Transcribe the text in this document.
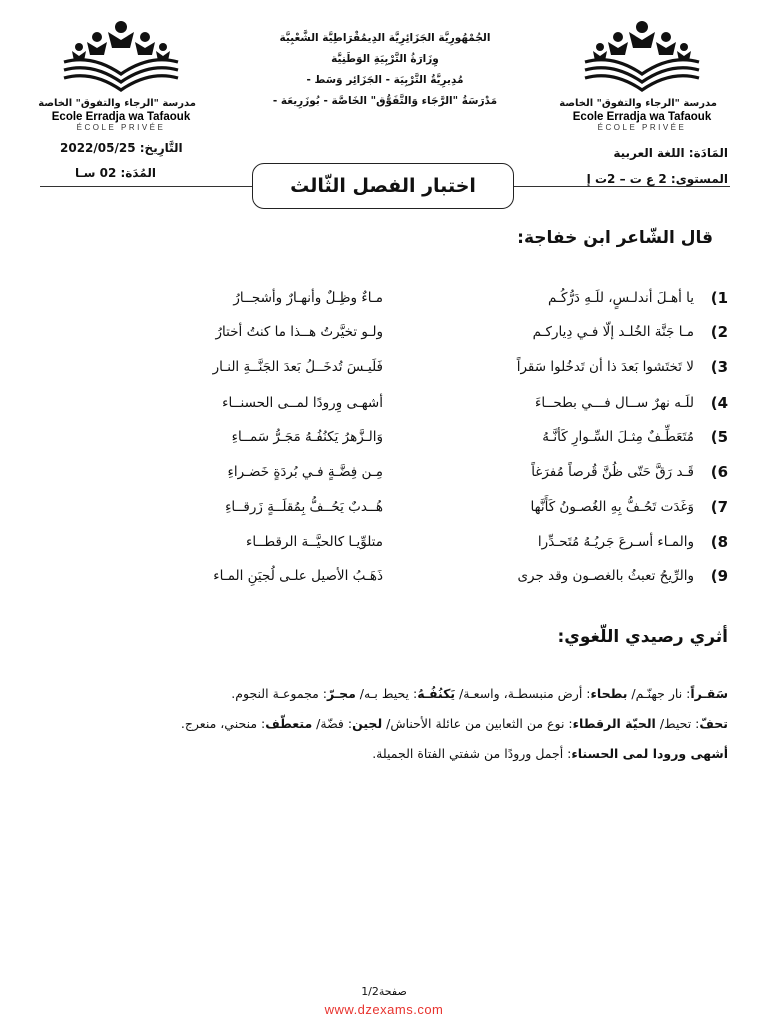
مدرسة "الرجاء والتفوق" الخاصة
Ecole Erradja wa Tafaouk
ÉCOLE PRIVÉE
مدرسة "الرجاء والتفوق" الخاصة
Ecole Erradja wa Tafaouk
ÉCOLE PRIVÉE
الجُمْهُورِيَّة الجَزَائِرِيَّة الدِيمُقْرَاطِيَّة الشَّعْبِيَّة
وِزَارَةُ التَّرْبِيَةِ الوَطَنِيَّة
مُدِيرِيَّةُ التَّرْبِيَة - الجَزَائِر وَسَط -
مَدْرَسَةُ "الرَّجَاء وَالتَّفَوُّق" الخَاصَّة - بُوزَرِيعَة -
المَادَة: اللغة العربية
المستوى: 2 ع ت – 2ت إ
التَّارِيخ: 2022/05/25
المُدَة: 02 سـا
اختبار الفصل الثّالث
قال الشّاعر ابن خفاجة:
1)
يا أهـلَ أندلـسٍ، للَـهِ دَرُّكُـم
مـاءٌ وظِـلٌ وأنهـارٌ وأشجــارُ
2)
مـا جَنَّة الخُلـد إلّا فـي دِياركـم
ولـو تخيَّرتُ هــذا ما كنتُ أختارُ
3)
لا تَختَشوا بَعدَ ذا أن تَدخُلوا سَقراً
فَلَيـسَ تُدخَــلُ بَعدَ الجَنَّــةِ النـار
4)
للَـه نهرٌ ســال فـــي بطحــاءَ
أشهـى وِرودًا لمــى الحسنــاء
5)
مُتَعَطِّـفٌ مِثـلَ السِّـوارِ كَأنَّـهُ
وَالـزَّهرُ يَكنُفُـهُ مَجَـرُّ سَمــاءِ
6)
قَـد رَقَّ حَتّى ظُنَّ قُرصاً مُفرَغاً
مِـن فِضَّـةٍ فـي بُردَةٍ خَضـراءِ
7)
وَغَدَت تَحُـفُّ بِهِ الغُصـونُ كَأَنَّها
هُــدبٌ يَحُــفُّ بِمُقلَــةٍ زَرقــاءِ
8)
والمـاء أسـرعَ جَريُـهُ مُتَحـدِّرا
متلوِّيـا كالحيَّــة الرقطــاء
9)
والرِّيحُ تعبثُ بالغصـون وقد جرى
ذَهَـبُ الأصيل علـى لُجيَنِ المـاء
أثري رصيدي اللّغوي:
سَقـراً: نار جهنّـم/ بطحاء: أرض منبسطـة، واسعـة/ يَكنُفُـهُ: يحيط بـه/ مجـرّ: مجموعـة النجوم.
تحفّ: تحيط/ الحيّة الرقطاء: نوع من الثعابين من عائلة الأحناش/ لجين: فضّة/ متعطّف: منحني، منعرج.
أشهى ورودا لمى الحسناء: أجمل ورودًا من شفتي الفتاة الجميلة.
صفحة1/2
www.dzexams.com
